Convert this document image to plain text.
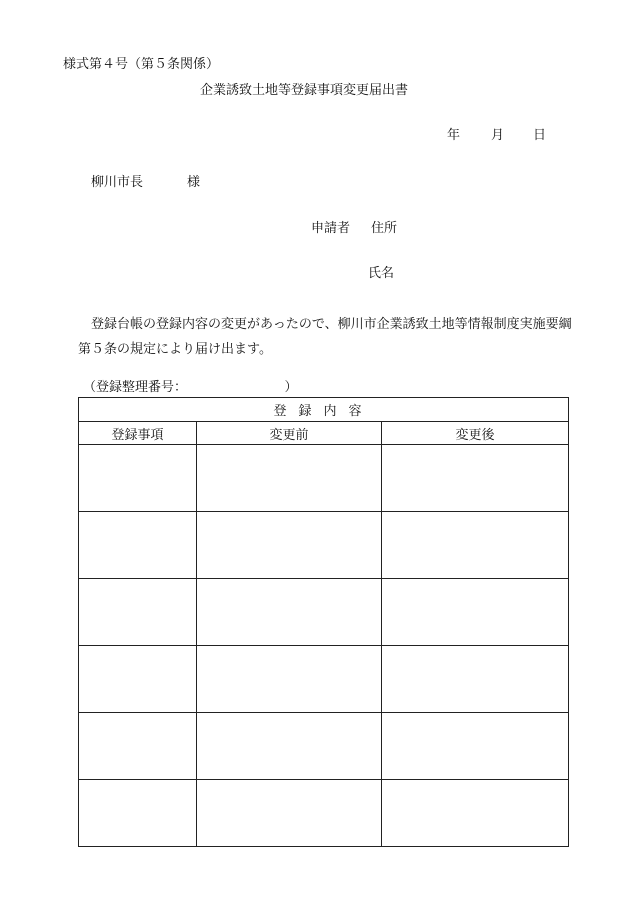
様式第４号（第５条関係）
企業誘致土地等登録事項変更届出書
年 月 日
柳川市長	様
申請者 住所
氏名
登録台帳の登録内容の変更があったので、柳川市企業誘致土地等情報制度実施要綱第５条の規定により届け出ます。
（登録整理番号：　　　　　　　　）
登録内容		
登録事項	変更前	変更後
